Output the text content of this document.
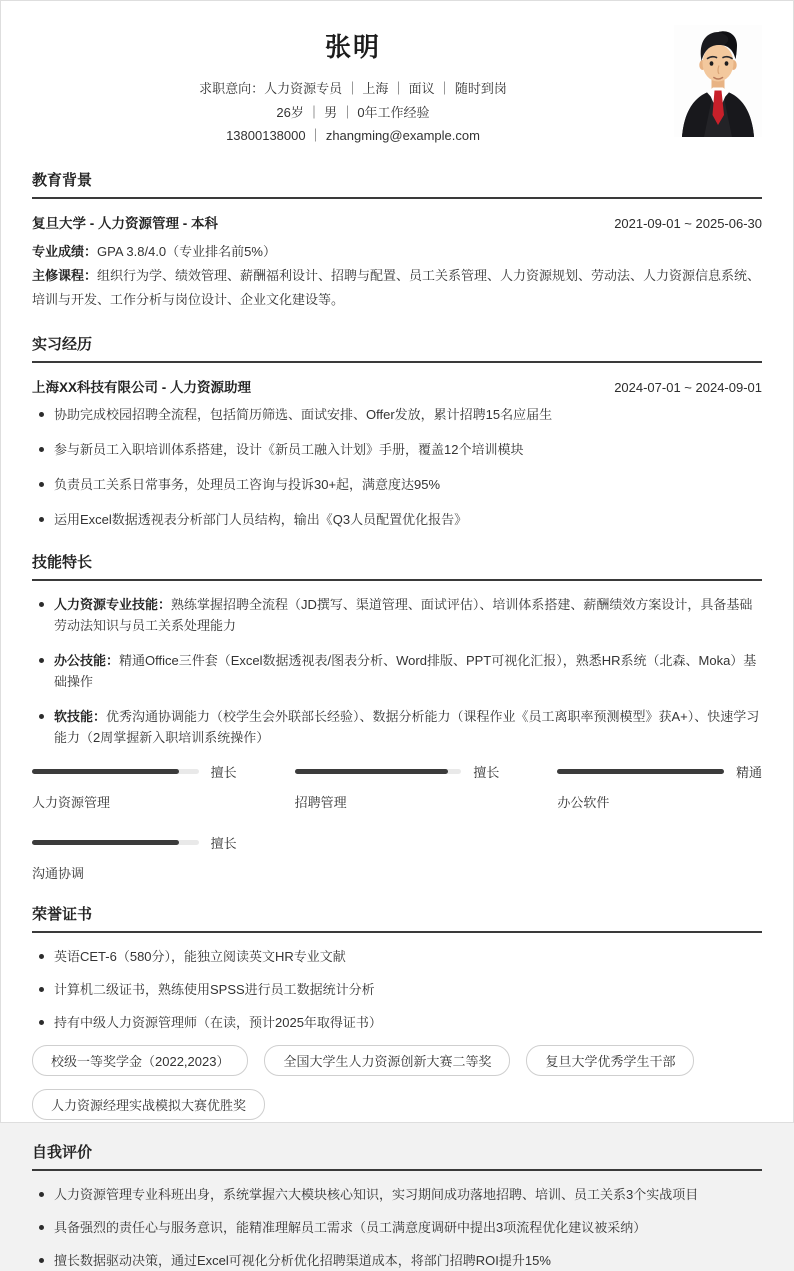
张明
求职意向：人力资源专员 ｜ 上海 ｜ 面议 ｜ 随时到岗
26岁 ｜ 男 ｜ 0年工作经验
13800138000 ｜ zhangming@example.com
教育背景
复旦大学 - 人力资源管理 - 本科	2021-09-01 ~ 2025-06-30
专业成绩：GPA 3.8/4.0（专业排名前5%）
主修课程：组织行为学、绩效管理、薪酬福利设计、招聘与配置、员工关系管理、人力资源规划、劳动法、人力资源信息系统、培训与开发、工作分析与岗位设计、企业文化建设等。
实习经历
上海XX科技有限公司 - 人力资源助理	2024-07-01 ~ 2024-09-01
协助完成校园招聘全流程，包括简历筛选、面试安排、Offer发放，累计招聘15名应届生
参与新员工入职培训体系搭建，设计《新员工融入计划》手册，覆盖12个培训模块
负责员工关系日常事务，处理员工咨询与投诉30+起，满意度达95%
运用Excel数据透视表分析部门人员结构，输出《Q3人员配置优化报告》
技能特长
人力资源专业技能：熟练掌握招聘全流程（JD撰写、渠道管理、面试评估）、培训体系搭建、薪酬绩效方案设计，具备基础劳动法知识与员工关系处理能力
办公技能：精通Office三件套（Excel数据透视表/图表分析、Word排版、PPT可视化汇报），熟悉HR系统（北森、Moka）基础操作
软技能：优秀沟通协调能力（校学生会外联部长经验）、数据分析能力（课程作业《员工离职率预测模型》获A+）、快速学习能力（2周掌握新入职培训系统操作）
擅长
人力资源管理
擅长
招聘管理
精通
办公软件
擅长
沟通协调
荣誉证书
英语CET-6（580分），能独立阅读英文HR专业文献
计算机二级证书，熟练使用SPSS进行员工数据统计分析
持有中级人力资源管理师（在读，预计2025年取得证书）
校级一等奖学金（2022,2023）	全国大学生人力资源创新大赛二等奖	复旦大学优秀学生干部
人力资源经理实战模拟大赛优胜奖
自我评价
人力资源管理专业科班出身，系统掌握六大模块核心知识，实习期间成功落地招聘、培训、员工关系3个实战项目
具备强烈的责任心与服务意识，能精准理解员工需求（员工满意度调研中提出3项流程优化建议被采纳）
擅长数据驱动决策，通过Excel可视化分析优化招聘渠道成本，将部门招聘ROI提升15%
